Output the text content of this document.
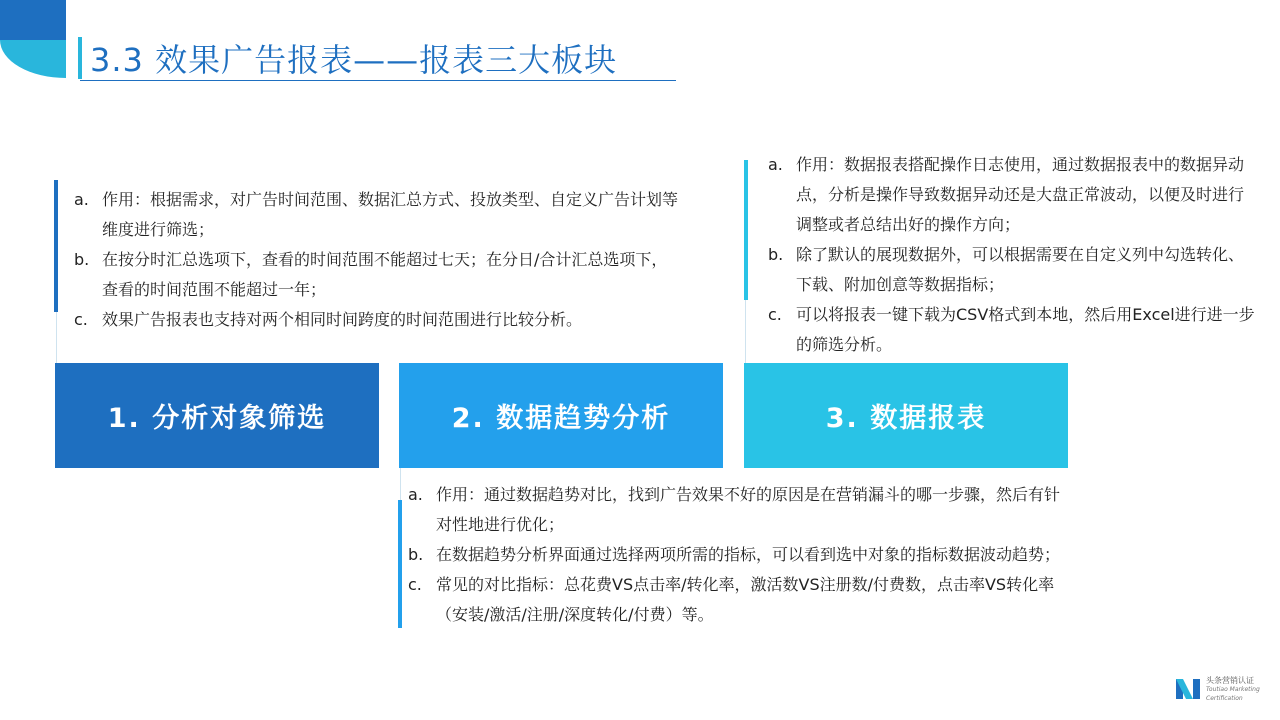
3.3 效果广告报表——报表三大板块
a. 作用：根据需求，对广告时间范围、数据汇总方式、投放类型、自定义广告计划等维度进行筛选；
b. 在按分时汇总选项下，查看的时间范围不能超过七天；在分日/合计汇总选项下，查看的时间范围不能超过一年；
c. 效果广告报表也支持对两个相同时间跨度的时间范围进行比较分析。
a. 作用：数据报表搭配操作日志使用，通过数据报表中的数据异动点，分析是操作导致数据异动还是大盘正常波动，以便及时进行调整或者总结出好的操作方向；
b. 除了默认的展现数据外，可以根据需要在自定义列中勾选转化、下载、附加创意等数据指标；
c. 可以将报表一键下载为CSV格式到本地，然后用Excel进行进一步的筛选分析。
1. 分析对象筛选	2. 数据趋势分析	3. 数据报表
a. 作用：通过数据趋势对比，找到广告效果不好的原因是在营销漏斗的哪一步骤，然后有针对性地进行优化；
b. 在数据趋势分析界面通过选择两项所需的指标，可以看到选中对象的指标数据波动趋势；
c. 常见的对比指标：总花费VS点击率/转化率，激活数VS注册数/付费数，点击率VS转化率（安装/激活/注册/深度转化/付费）等。
头条营销认证
Toutiao Marketing
Certification
